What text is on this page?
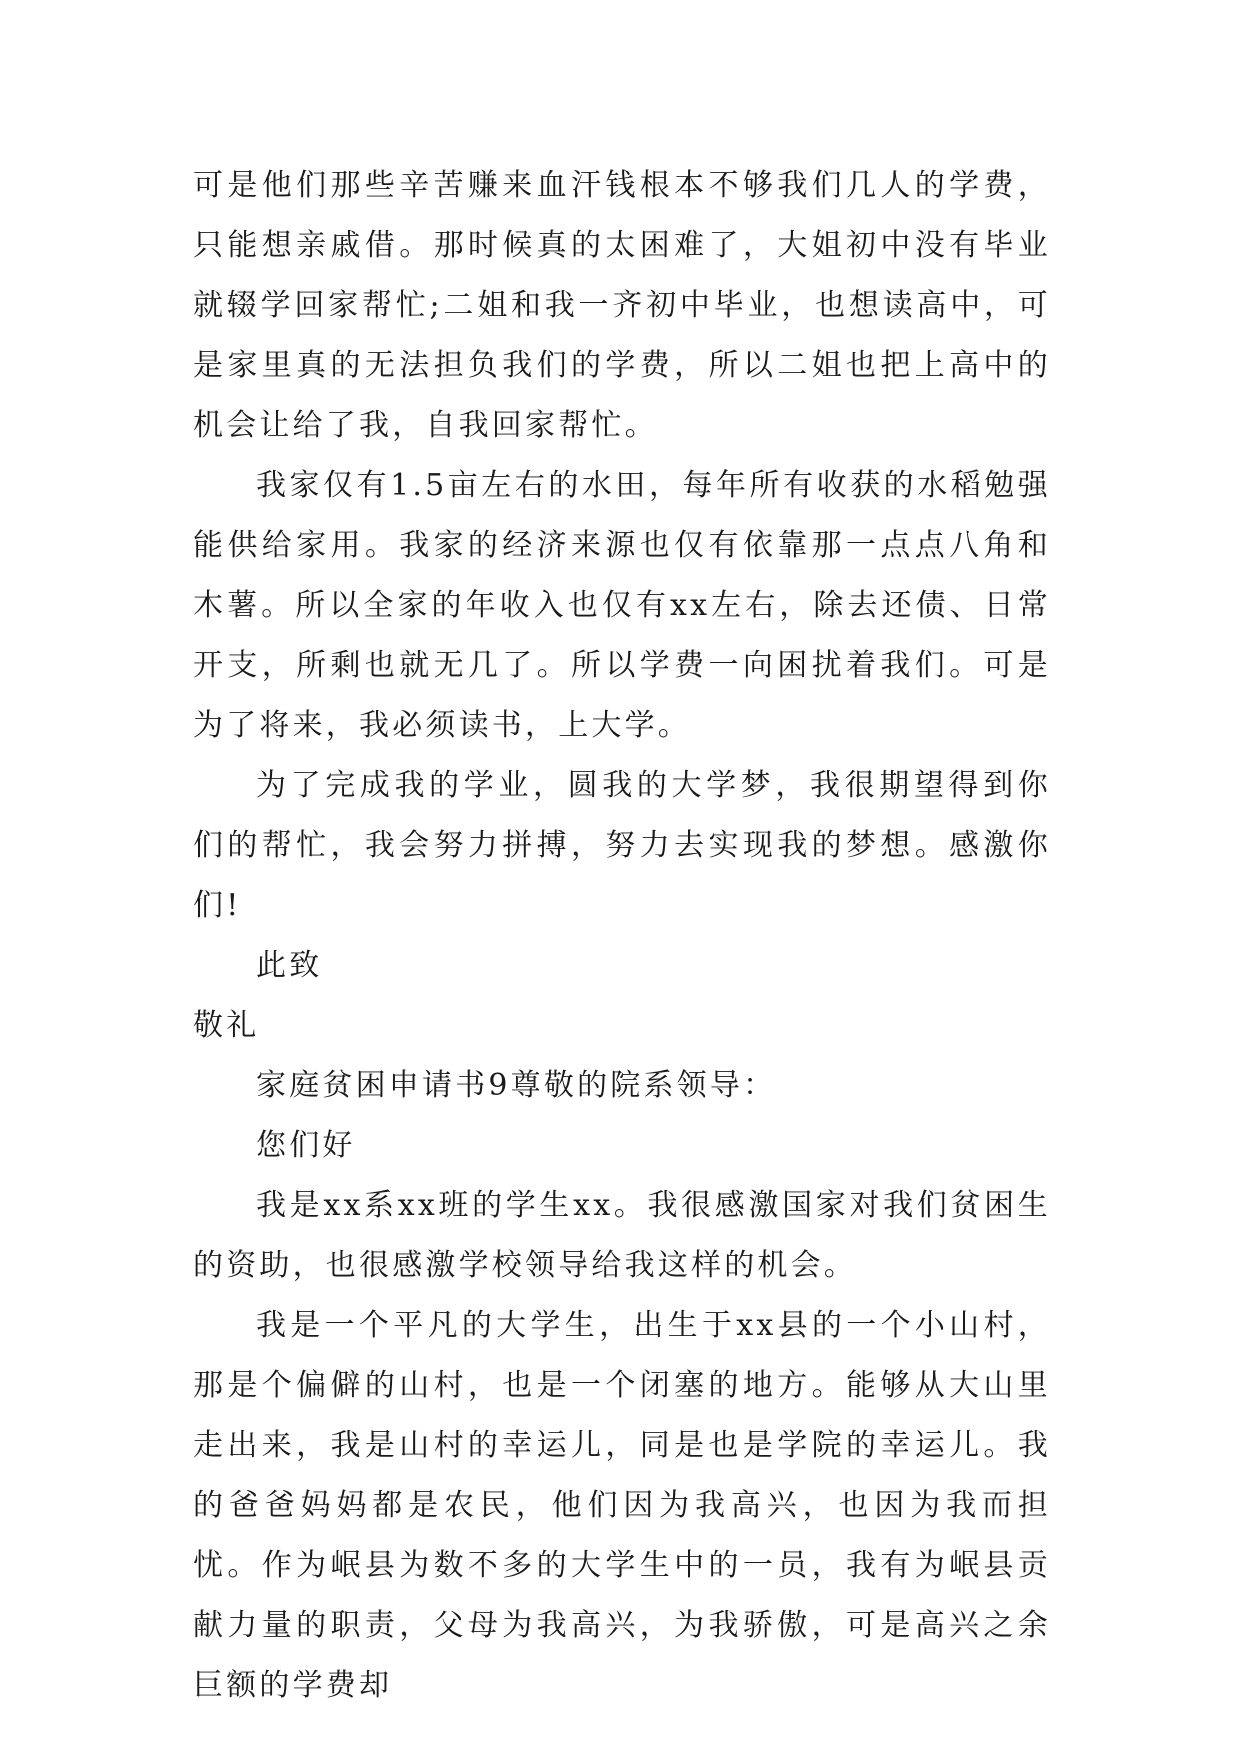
可是他们那些辛苦赚来血汗钱根本不够我们几人的学费，只能想亲戚借。那时候真的太困难了，大姐初中没有毕业就辍学回家帮忙;二姐和我一齐初中毕业，也想读高中，可是家里真的无法担负我们的学费，所以二姐也把上高中的机会让给了我，自我回家帮忙。

我家仅有1.5亩左右的水田，每年所有收获的水稻勉强能供给家用。我家的经济来源也仅有依靠那一点点八角和木薯。所以全家的年收入也仅有xx左右，除去还债、日常开支，所剩也就无几了。所以学费一向困扰着我们。可是为了将来，我必须读书，上大学。

为了完成我的学业，圆我的大学梦，我很期望得到你们的帮忙，我会努力拼搏，努力去实现我的梦想。感激你们!

此致

敬礼

家庭贫困申请书9尊敬的院系领导：

您们好

我是xx系xx班的学生xx。我很感激国家对我们贫困生的资助，也很感激学校领导给我这样的机会。

我是一个平凡的大学生，出生于xx县的一个小山村，那是个偏僻的山村，也是一个闭塞的地方。能够从大山里走出来，我是山村的幸运儿，同是也是学院的幸运儿。我的爸爸妈妈都是农民，他们因为我高兴，也因为我而担忧。作为岷县为数不多的大学生中的一员，我有为岷县贡献力量的职责，父母为我高兴，为我骄傲，可是高兴之余巨额的学费却
